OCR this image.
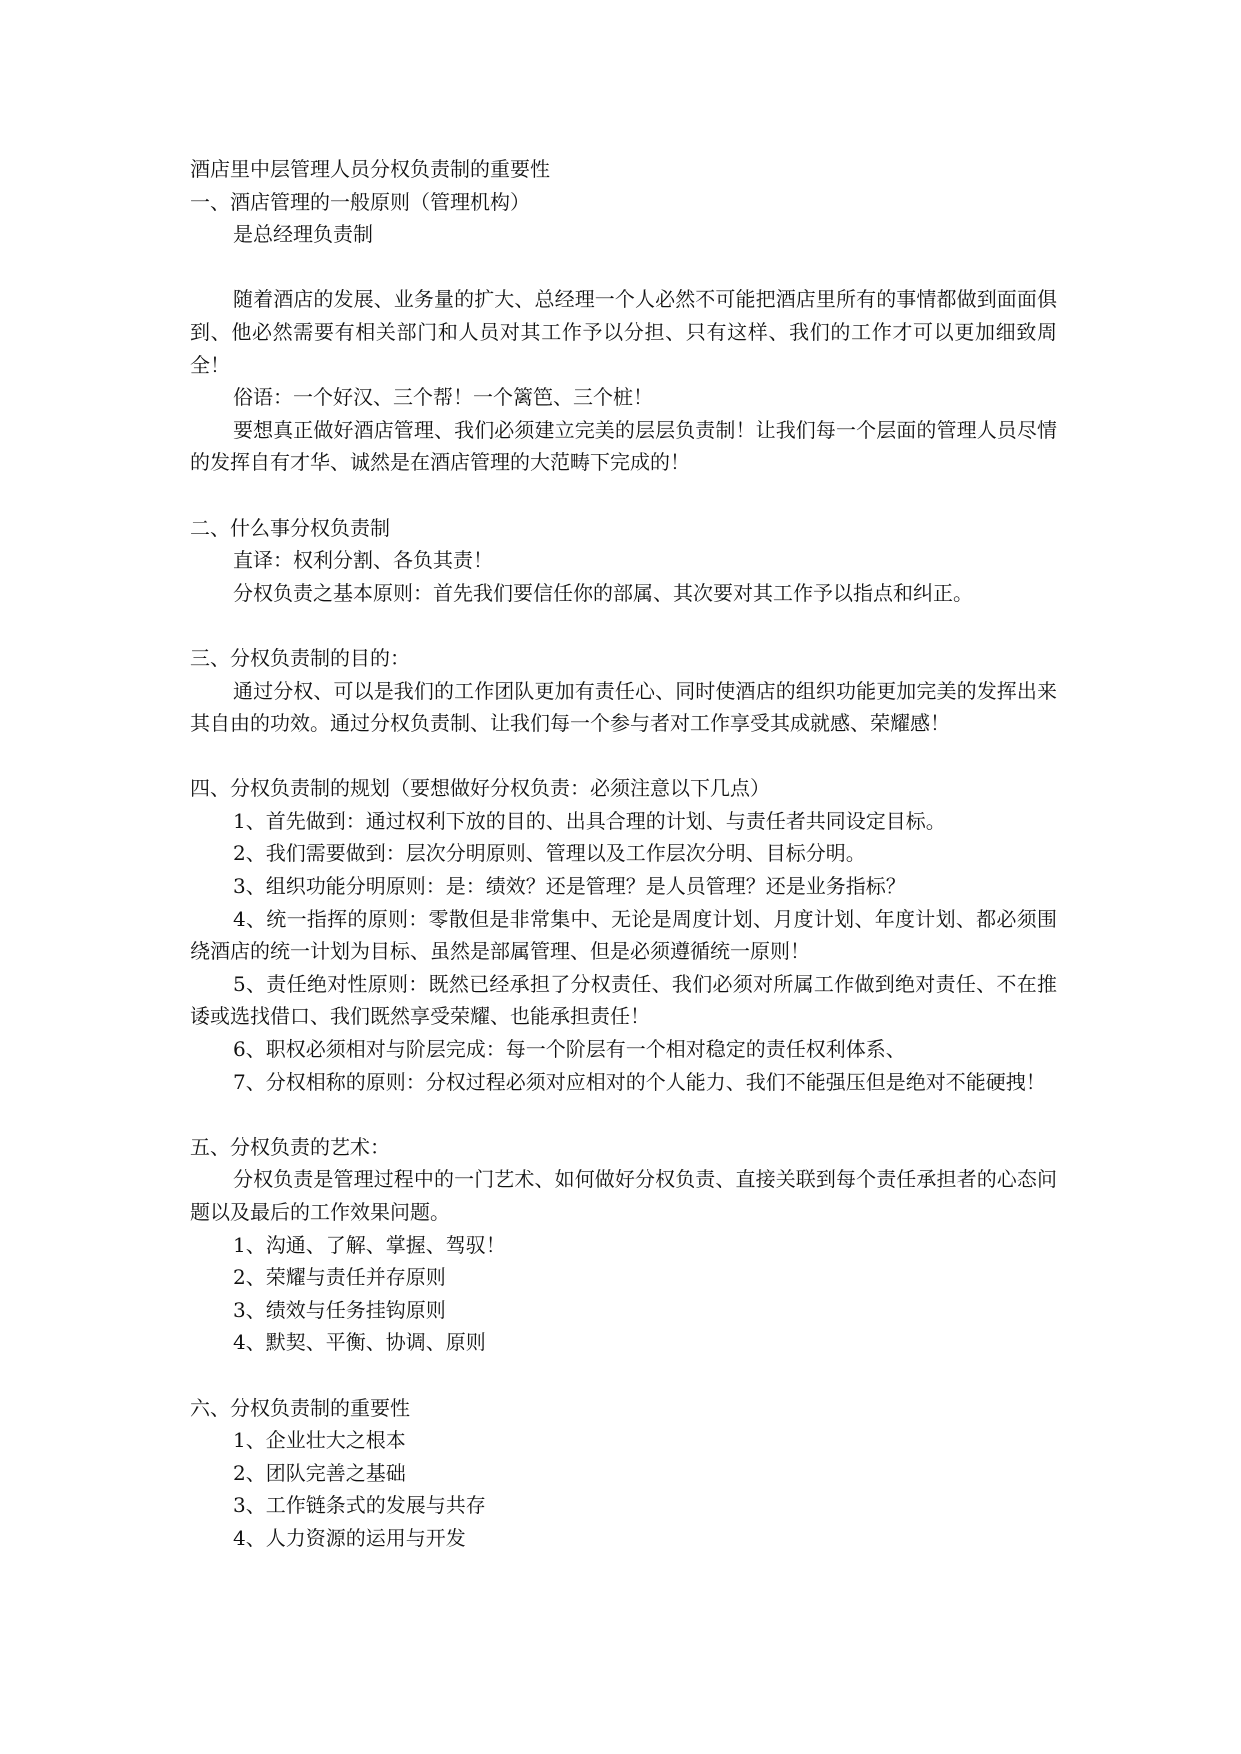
酒店里中层管理人员分权负责制的重要性

一、酒店管理的一般原则（管理机构）

是总经理负责制

随着酒店的发展、业务量的扩大、总经理一个人必然不可能把酒店里所有的事情都做到面面俱到、他必然需要有相关部门和人员对其工作予以分担、只有这样、我们的工作才可以更加细致周全！

俗语：一个好汉、三个帮！一个篱笆、三个桩！

要想真正做好酒店管理、我们必须建立完美的层层负责制！让我们每一个层面的管理人员尽情的发挥自有才华、诚然是在酒店管理的大范畴下完成的！

二、什么事分权负责制

直译：权利分割、各负其责！

分权负责之基本原则：首先我们要信任你的部属、其次要对其工作予以指点和纠正。

三、分权负责制的目的：

通过分权、可以是我们的工作团队更加有责任心、同时使酒店的组织功能更加完美的发挥出来其自由的功效。通过分权负责制、让我们每一个参与者对工作享受其成就感、荣耀感！

四、分权负责制的规划（要想做好分权负责：必须注意以下几点）

1、首先做到：通过权利下放的目的、出具合理的计划、与责任者共同设定目标。

2、我们需要做到：层次分明原则、管理以及工作层次分明、目标分明。

3、组织功能分明原则：是：绩效？还是管理？是人员管理？还是业务指标？

4、统一指挥的原则：零散但是非常集中、无论是周度计划、月度计划、年度计划、都必须围绕酒店的统一计划为目标、虽然是部属管理、但是必须遵循统一原则！

5、责任绝对性原则：既然已经承担了分权责任、我们必须对所属工作做到绝对责任、不在推诿或选找借口、我们既然享受荣耀、也能承担责任！

6、职权必须相对与阶层完成：每一个阶层有一个相对稳定的责任权利体系、

7、分权相称的原则：分权过程必须对应相对的个人能力、我们不能强压但是绝对不能硬拽！

五、分权负责的艺术：

分权负责是管理过程中的一门艺术、如何做好分权负责、直接关联到每个责任承担者的心态问题以及最后的工作效果问题。

1、沟通、了解、掌握、驾驭！

2、荣耀与责任并存原则

3、绩效与任务挂钩原则

4、默契、平衡、协调、原则

六、分权负责制的重要性

1、企业壮大之根本

2、团队完善之基础

3、工作链条式的发展与共存

4、人力资源的运用与开发
